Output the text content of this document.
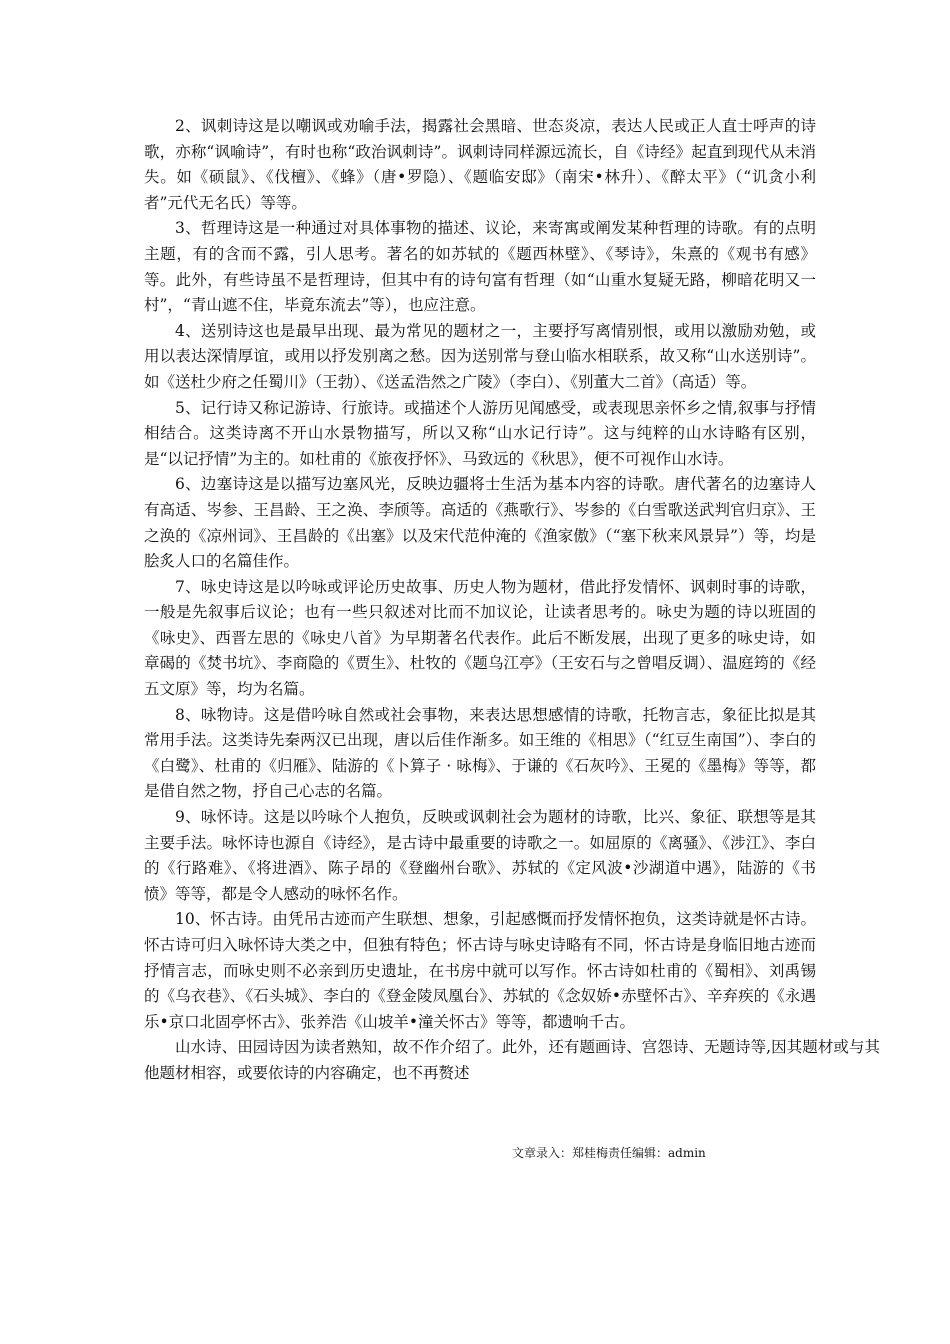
2、讽刺诗这是以嘲讽或劝喻手法，揭露社会黑暗、世态炎凉，表达人民或正人直士呼声的诗歌，亦称“讽喻诗”，有时也称“政治讽刺诗”。讽刺诗同样源远流长，自《诗经》起直到现代从未消失。如《硕鼠》、《伐檀》、《蜂》（唐•罗隐）、《题临安邸》（南宋•林升）、《醉太平》（“讥贪小利者”元代无名氏）等等。

3、哲理诗这是一种通过对具体事物的描述、议论，来寄寓或阐发某种哲理的诗歌。有的点明主题，有的含而不露，引人思考。著名的如苏轼的《题西林壁》、《琴诗》，朱熹的《观书有感》等。此外，有些诗虽不是哲理诗，但其中有的诗句富有哲理（如“山重水复疑无路，柳暗花明又一村”，“青山遮不住，毕竟东流去”等），也应注意。

4、送别诗这也是最早出现、最为常见的题材之一，主要抒写离情别恨，或用以激励劝勉，或用以表达深情厚谊，或用以抒发别离之愁。因为送别常与登山临水相联系，故又称“山水送别诗”。如《送杜少府之任蜀川》（王勃）、《送孟浩然之广陵》（李白）、《别董大二首》（高适）等。

5、记行诗又称记游诗、行旅诗。或描述个人游历见闻感受，或表现思亲怀乡之情,叙事与抒情相结合。这类诗离不开山水景物描写，所以又称“山水记行诗”。这与纯粹的山水诗略有区别，是“以记抒情”为主的。如杜甫的《旅夜抒怀》、马致远的《秋思》，便不可视作山水诗。

6、边塞诗这是以描写边塞风光，反映边疆将士生活为基本内容的诗歌。唐代著名的边塞诗人有高适、岑参、王昌龄、王之涣、李颀等。高适的《燕歌行》、岑参的《白雪歌送武判官归京》、王之涣的《凉州词》、王昌龄的《出塞》以及宋代范仲淹的《渔家傲》（“塞下秋来风景异”）等，均是脍炙人口的名篇佳作。

7、咏史诗这是以吟咏或评论历史故事、历史人物为题材，借此抒发情怀、讽刺时事的诗歌，一般是先叙事后议论；也有一些只叙述对比而不加议论，让读者思考的。咏史为题的诗以班固的《咏史》、西晋左思的《咏史八首》为早期著名代表作。此后不断发展，出现了更多的咏史诗，如章碣的《焚书坑》、李商隐的《贾生》、杜牧的《题乌江亭》（王安石与之曾唱反调）、温庭筠的《经五文原》等，均为名篇。

8、咏物诗。这是借吟咏自然或社会事物，来表达思想感情的诗歌，托物言志，象征比拟是其常用手法。这类诗先秦两汉已出现，唐以后佳作渐多。如王维的《相思》（“红豆生南国”）、李白的《白鹭》、杜甫的《归雁》、陆游的《卜算子 · 咏梅》、于谦的《石灰吟》、王冕的《墨梅》等等，都是借自然之物，抒自己心志的名篇。

9、咏怀诗。这是以吟咏个人抱负，反映或讽刺社会为题材的诗歌，比兴、象征、联想等是其主要手法。咏怀诗也源自《诗经》，是古诗中最重要的诗歌之一。如屈原的《离骚》、《涉江》、李白的《行路难》、《将进酒》、陈子昂的《登幽州台歌》、苏轼的《定风波•沙湖道中遇》，陆游的《书愤》等等，都是令人感动的咏怀名作。

10、怀古诗。由凭吊古迹而产生联想、想象，引起感慨而抒发情怀抱负，这类诗就是怀古诗。怀古诗可归入咏怀诗大类之中，但独有特色；怀古诗与咏史诗略有不同，怀古诗是身临旧地古迹而抒情言志，而咏史则不必亲到历史遗址，在书房中就可以写作。怀古诗如杜甫的《蜀相》、刘禹锡的《乌衣巷》、《石头城》、李白的《登金陵凤凰台》、苏轼的《念奴娇•赤壁怀古》、辛弃疾的《永遇乐•京口北固亭怀古》、张养浩《山坡羊•潼关怀古》等等，都遗响千古。

山水诗、田园诗因为读者熟知，故不作介绍了。此外，还有题画诗、宫怨诗、无题诗等,因其题材或与其他题材相容，或要依诗的内容确定，也不再赘述

文章录入：郑桂梅责任编辑：admin
